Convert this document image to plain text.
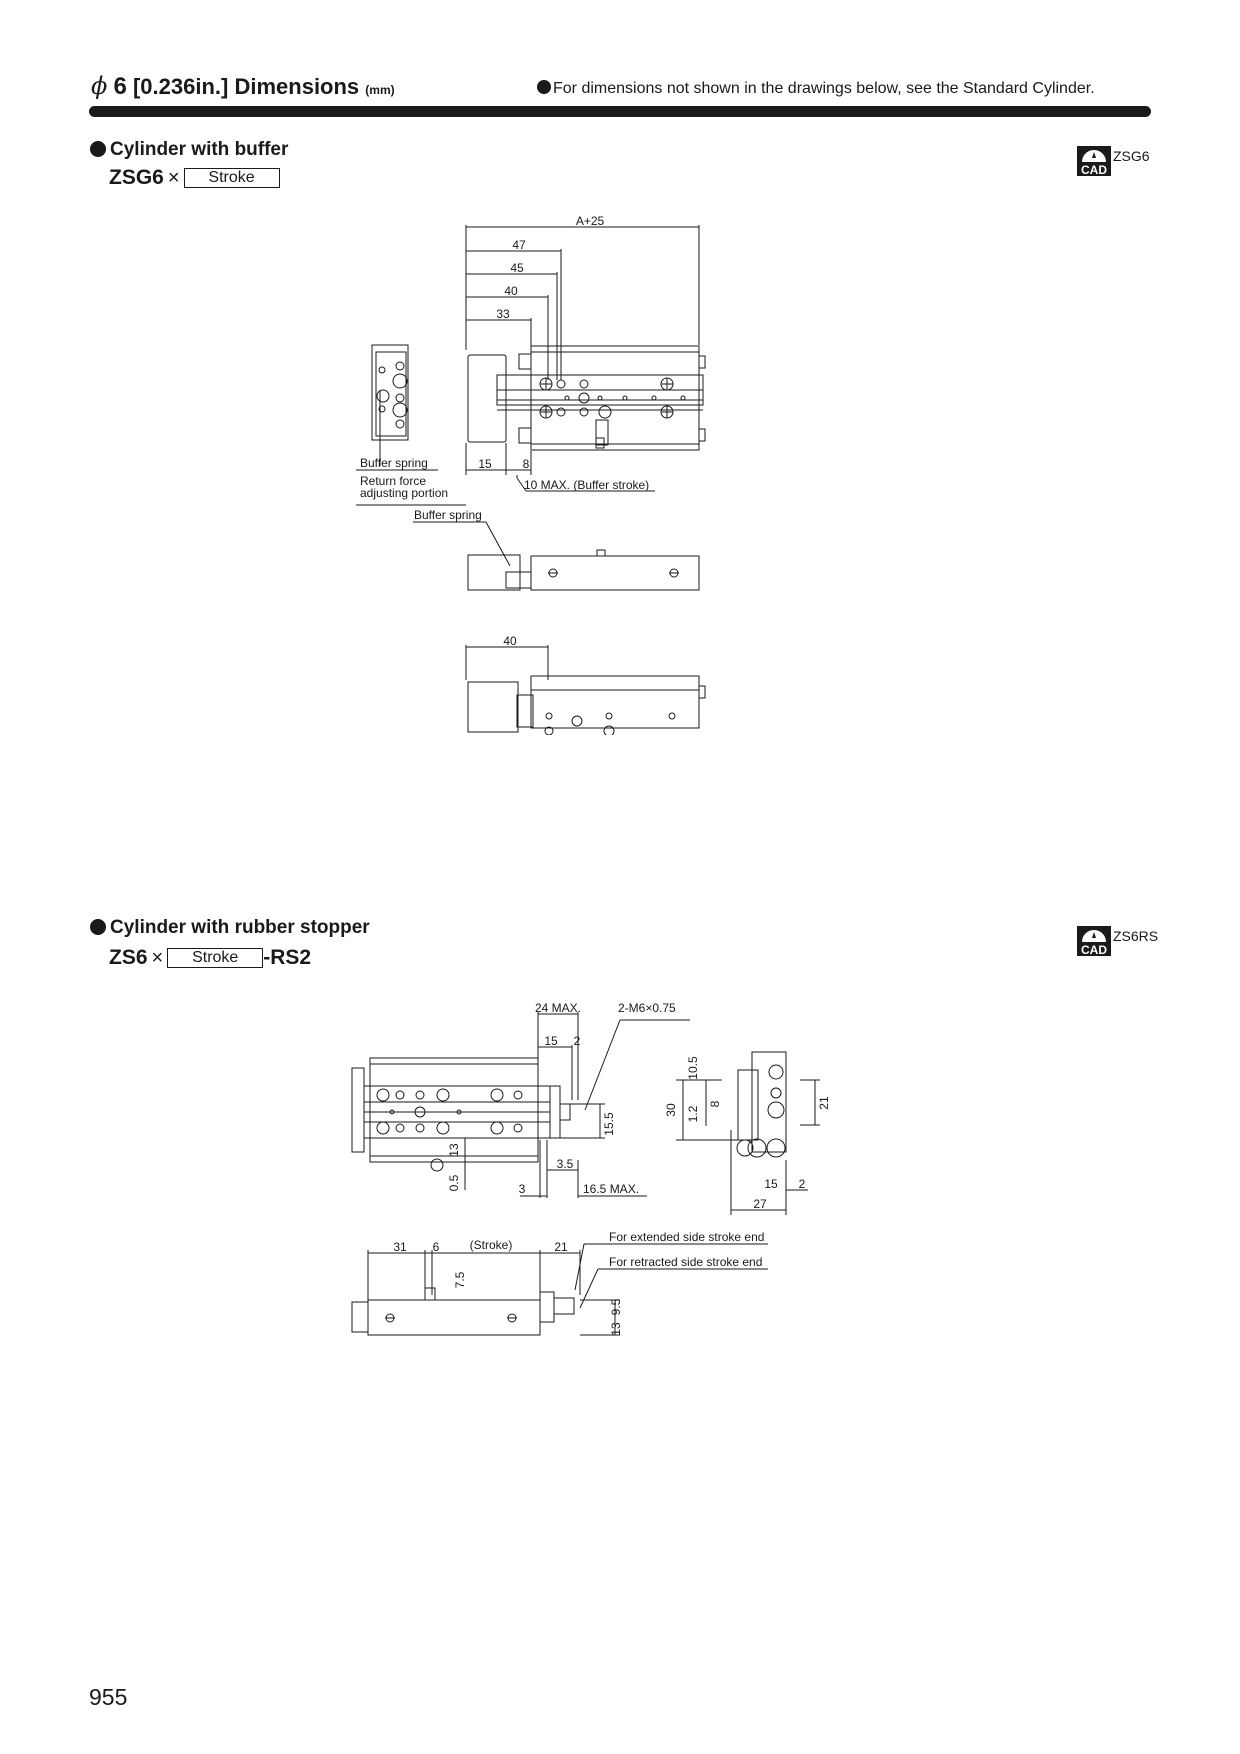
ϕ 6 [0.236in.] Dimensions (mm)	For dimensions not shown in the drawings below, see the Standard Cylinder.
Cylinder with buffer
ZSG6 × Stroke	CAD
ZSG6
A+25
47
45
40
33
Buffer spring
Return force
adjusting portion
15	8
10 MAX. (Buffer stroke)
Buffer spring
40
Cylinder with rubber stopper
ZS6 × Stroke -RS2	CAD
ZS6RS
24 MAX.	2-M6×0.75
15 2
15.5
13
0.5
3.5
3	16.5 MAX.
10.5
30 1.2
8	21
15 2
27
31 6	(Stroke)	21
7.5
9.5
13
For extended side stroke end
For retracted side stroke end
955
